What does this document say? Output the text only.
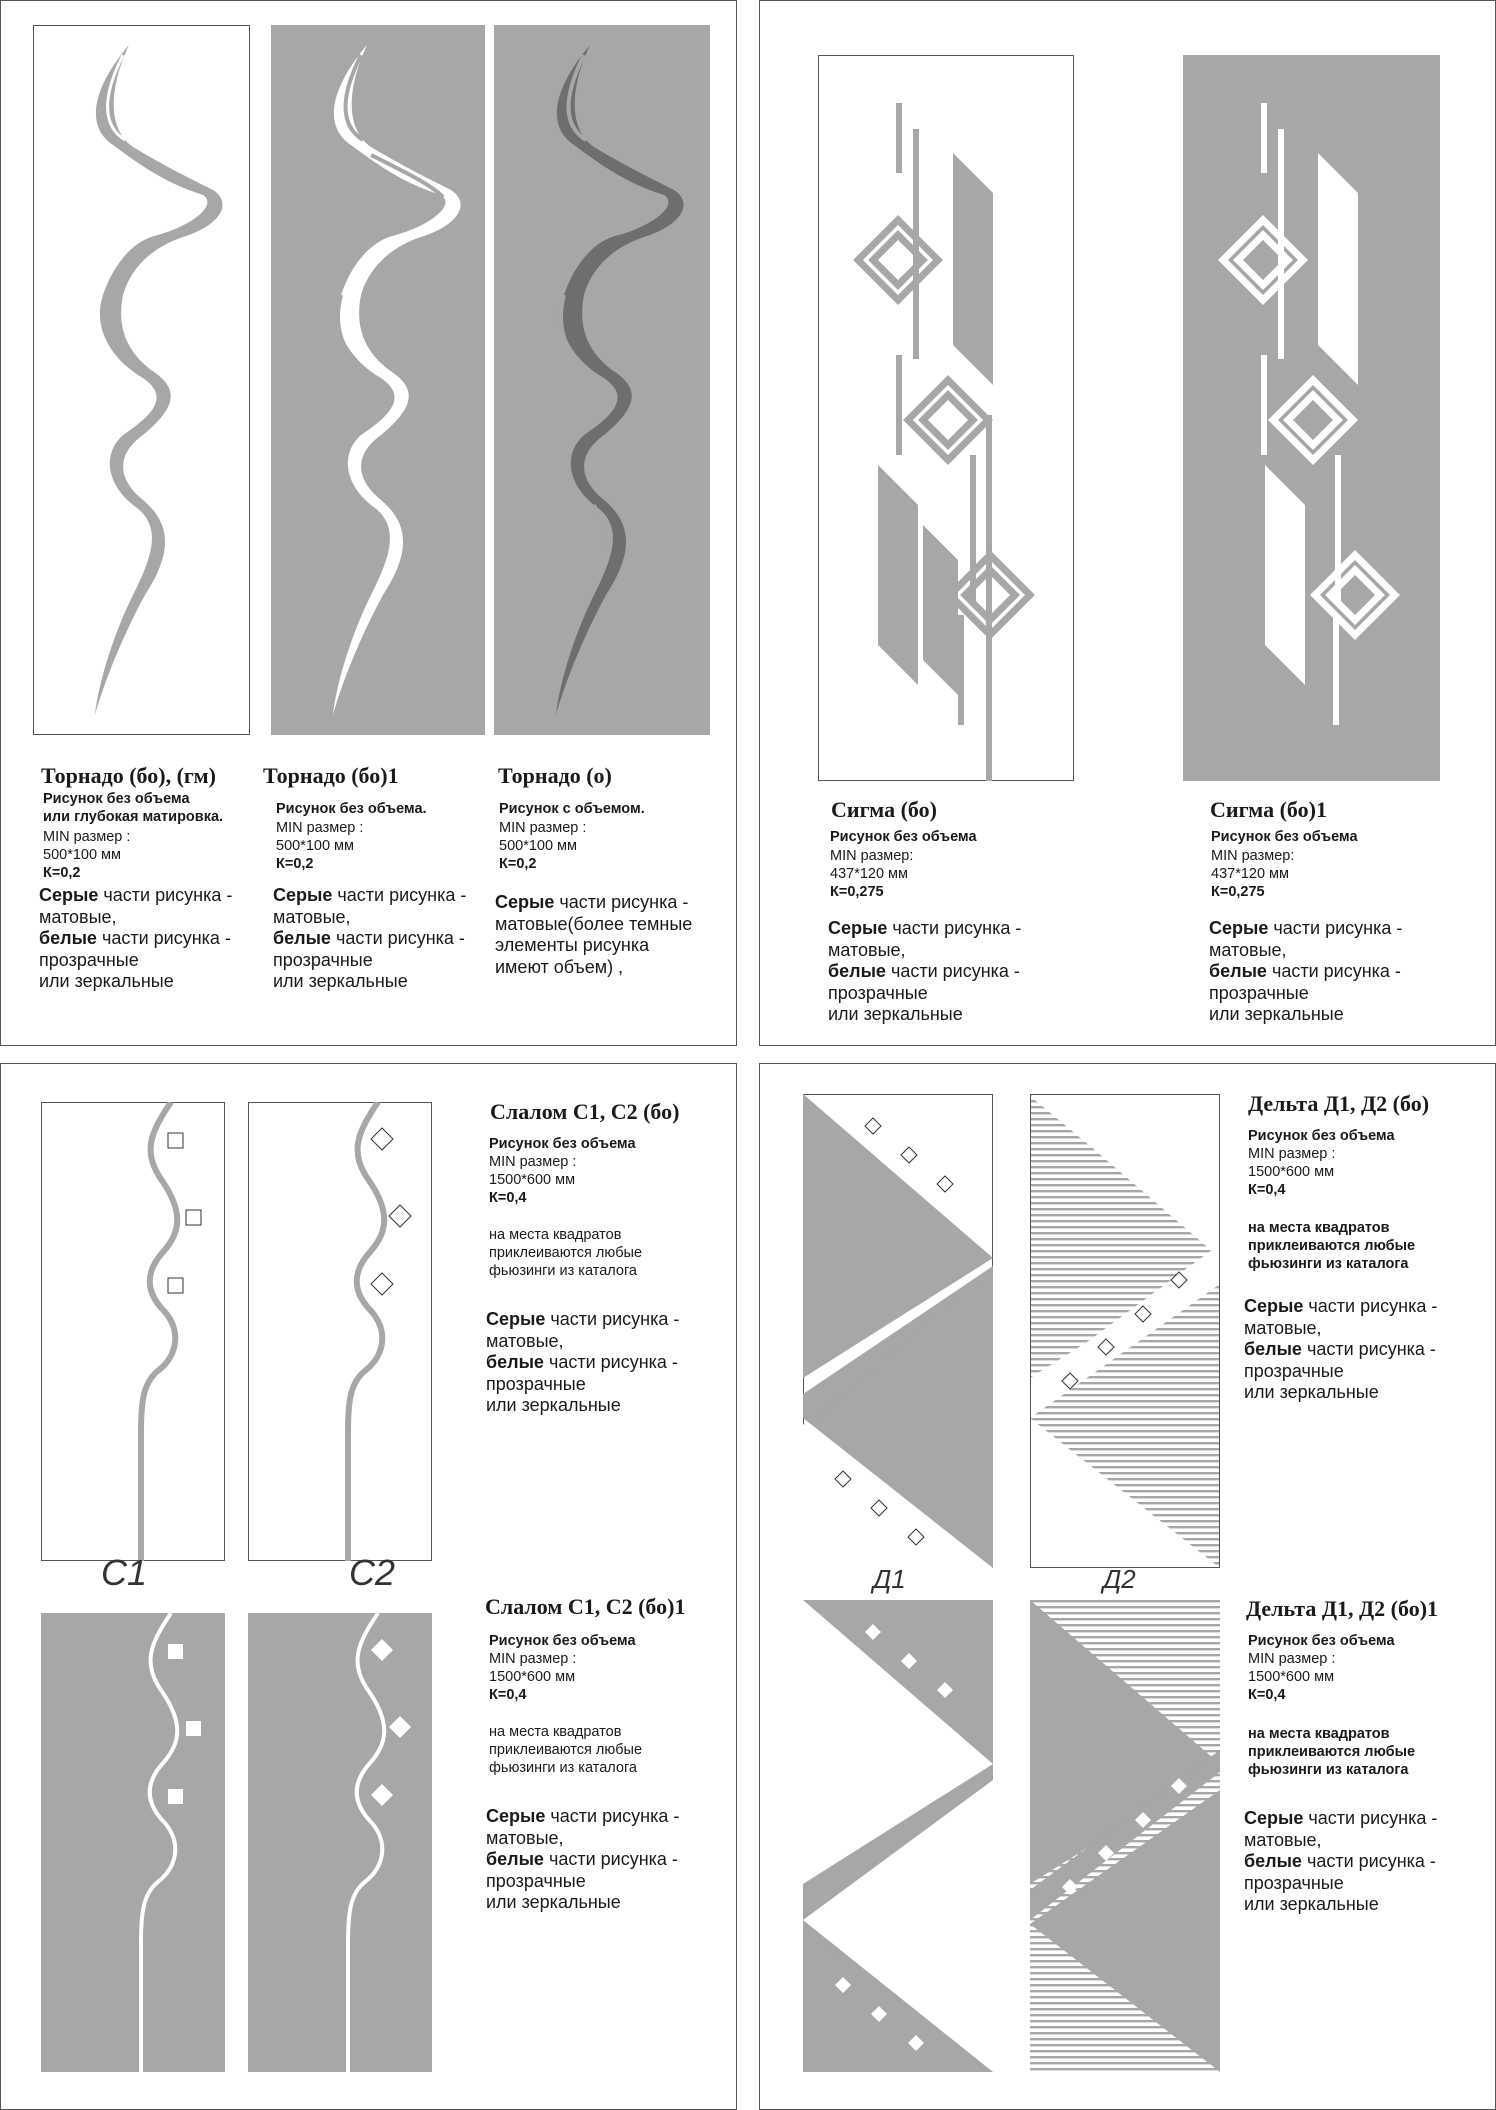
Торнадо (бо), (гм)
Рисунок без объема
или глубокая матировка.
MIN размер :
500*100 мм
К=0,2
Серые части рисунка -
матовые,
белые части рисунка -
прозрачные
или зеркальные
Торнадо (бо)1
Рисунок без объема.
MIN размер :
500*100 мм
К=0,2
Серые части рисунка -
матовые,
белые части рисунка -
прозрачные
или зеркальные
Торнадо (о)
Рисунок с объемом.
MIN размер :
500*100 мм
К=0,2
Серые части рисунка -
матовые(более темные
элементы рисунка
имеют объем) ,
Сигма (бо)
Рисунок без объема
MIN размер:
437*120 мм
К=0,275
Серые части рисунка -
матовые,
белые части рисунка -
прозрачные
или зеркальные
Сигма (бо)1
Рисунок без объема
MIN размер:
437*120 мм
К=0,275
Серые части рисунка -
матовые,
белые части рисунка -
прозрачные
или зеркальные
С1	С2
Слалом С1, С2 (бо)
Рисунок без объема
MIN размер :
1500*600 мм
К=0,4
на места квадратов
приклеиваются любые
фьюзинги из каталога
Серые части рисунка -
матовые,
белые части рисунка -
прозрачные
или зеркальные
Слалом С1, С2 (бо)1
Рисунок без объема
MIN размер :
1500*600 мм
К=0,4
на места квадратов
приклеиваются любые
фьюзинги из каталога
Серые части рисунка -
матовые,
белые части рисунка -
прозрачные
или зеркальные
Д1	Д2
Дельта Д1, Д2 (бо)
Рисунок без объема
MIN размер :
1500*600 мм
К=0,4
на места квадратов
приклеиваются любые
фьюзинги из каталога
Серые части рисунка -
матовые,
белые части рисунка -
прозрачные
или зеркальные
Дельта Д1, Д2 (бо)1
Рисунок без объема
MIN размер :
1500*600 мм
К=0,4
на места квадратов
приклеиваются любые
фьюзинги из каталога
Серые части рисунка -
матовые,
белые части рисунка -
прозрачные
или зеркальные
